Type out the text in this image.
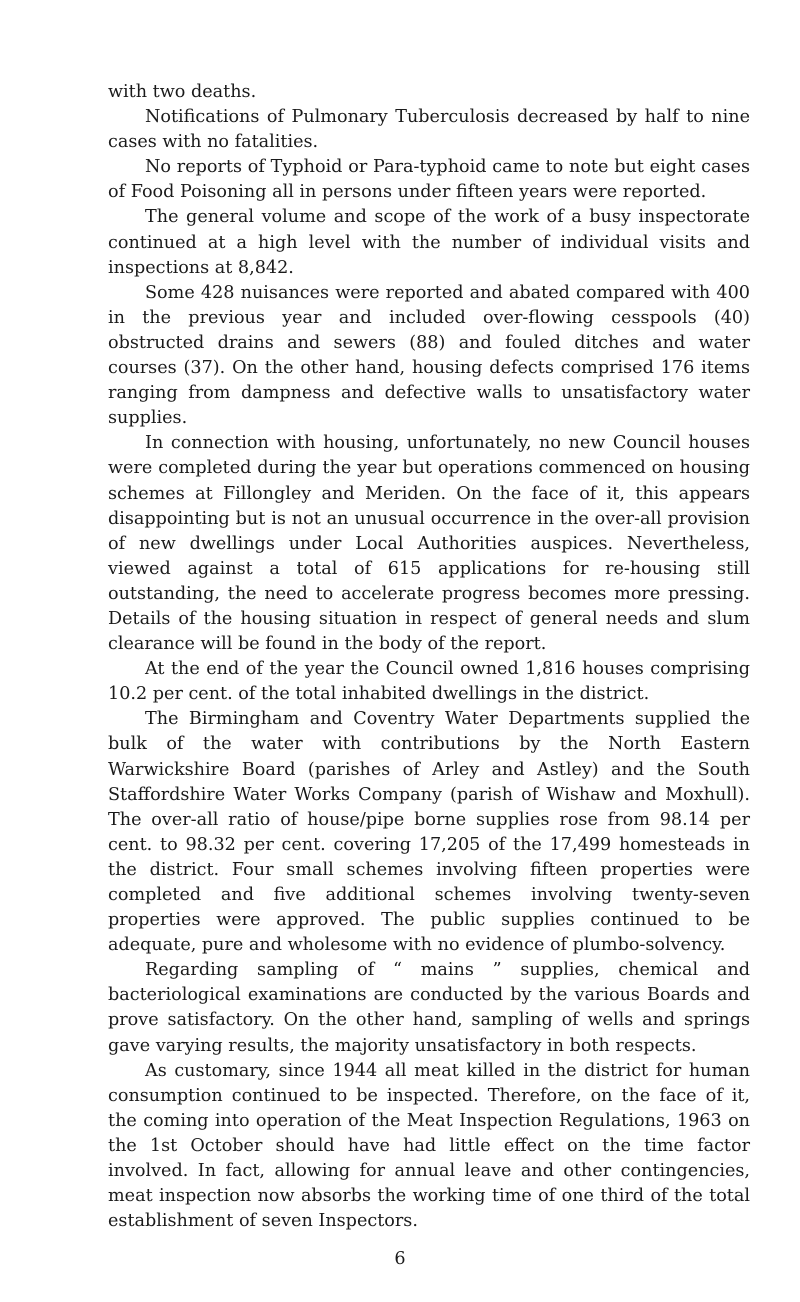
with two deaths.

Notifications of Pulmonary Tuberculosis decreased by half to nine cases with no fatalities.

No reports of Typhoid or Para-typhoid came to note but eight cases of Food Poisoning all in persons under fifteen years were reported.

The general volume and scope of the work of a busy inspectorate continued at a high level with the number of individual visits and inspections at 8,842.

Some 428 nuisances were reported and abated compared with 400 in the previous year and included over-flowing cesspools (40) obstructed drains and sewers (88) and fouled ditches and water courses (37). On the other hand, housing defects comprised 176 items ranging from dampness and defective walls to unsatisfactory water supplies.

In connection with housing, unfortunately, no new Council houses were completed during the year but operations commenced on housing schemes at Fillongley and Meriden. On the face of it, this appears disappointing but is not an unusual occurrence in the over-all provision of new dwellings under Local Authorities auspices. Nevertheless, viewed against a total of 615 applications for re-housing still outstanding, the need to accelerate progress becomes more pressing. Details of the housing situation in respect of general needs and slum clearance will be found in the body of the report.

At the end of the year the Council owned 1,816 houses comprising 10.2 per cent. of the total inhabited dwellings in the district.

The Birmingham and Coventry Water Departments supplied the bulk of the water with contributions by the North Eastern Warwickshire Board (parishes of Arley and Astley) and the South Staffordshire Water Works Company (parish of Wishaw and Moxhull). The over-all ratio of house/pipe borne supplies rose from 98.14 per cent. to 98.32 per cent. covering 17,205 of the 17,499 homesteads in the district. Four small schemes involving fifteen properties were completed and five additional schemes involving twenty-seven properties were approved. The public supplies continued to be adequate, pure and wholesome with no evidence of plumbo-solvency.

Regarding sampling of “ mains ” supplies, chemical and bacteriological examinations are conducted by the various Boards and prove satisfactory. On the other hand, sampling of wells and springs gave varying results, the majority unsatisfactory in both respects.

As customary, since 1944 all meat killed in the district for human consumption continued to be inspected. Therefore, on the face of it, the coming into operation of the Meat Inspection Regulations, 1963 on the 1st October should have had little effect on the time factor involved. In fact, allowing for annual leave and other contingencies, meat inspection now absorbs the working time of one third of the total establishment of seven Inspectors.

6
